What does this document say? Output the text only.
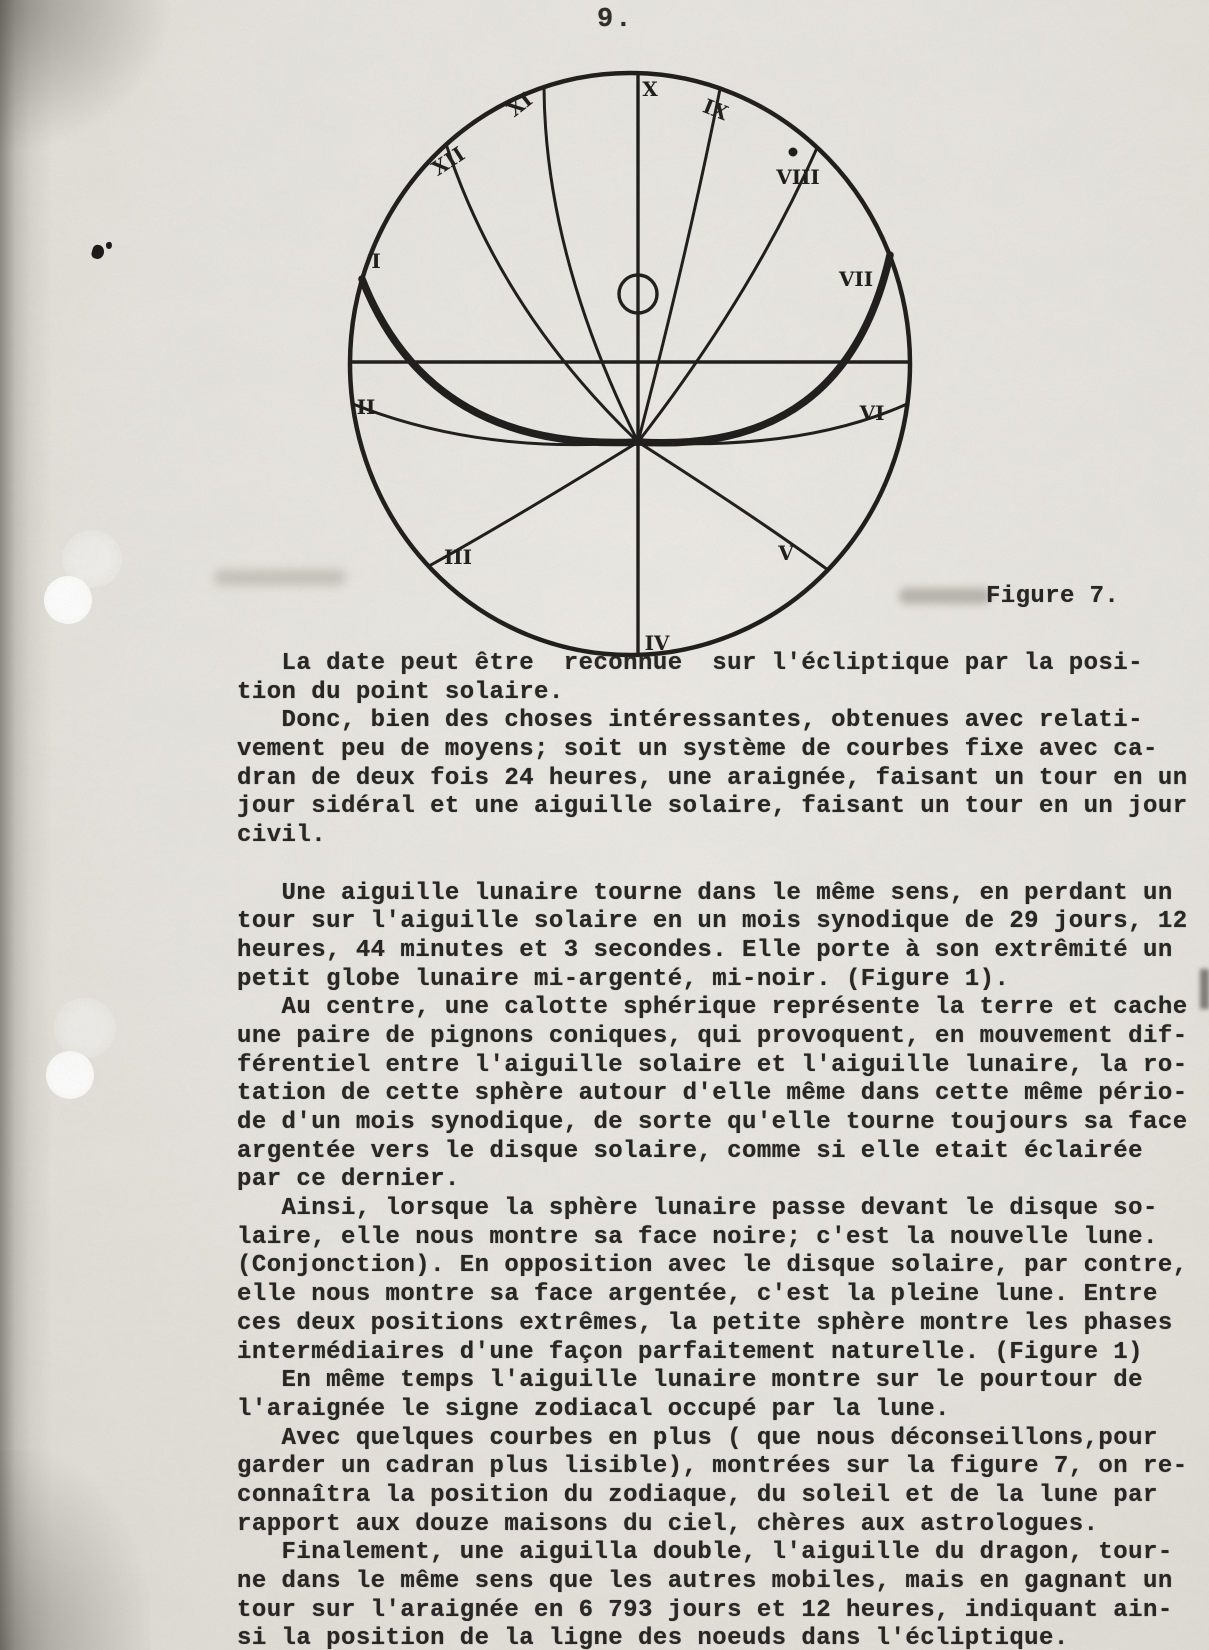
9.
X
XI
XII
I
II
III
IV
V
VI
VII
VIII
IX
Figure 7.
La date peut être  reconnue  sur l'écliptique par la posi-
tion du point solaire.
Donc, bien des choses intéressantes, obtenues avec relati-
vement peu de moyens; soit un système de courbes fixe avec ca-
dran de deux fois 24 heures, une araignée, faisant un tour en un
jour sidéral et une aiguille solaire, faisant un tour en un jour
civil.
Une aiguille lunaire tourne dans le même sens, en perdant un
tour sur l'aiguille solaire en un mois synodique de 29 jours, 12
heures, 44 minutes et 3 secondes. Elle porte à son extrêmité un
petit globe lunaire mi-argenté, mi-noir. (Figure 1).
Au centre, une calotte sphérique représente la terre et cache
une paire de pignons coniques, qui provoquent, en mouvement dif-
férentiel entre l'aiguille solaire et l'aiguille lunaire, la ro-
tation de cette sphère autour d'elle même dans cette même pério-
de d'un mois synodique, de sorte qu'elle tourne toujours sa face
argentée vers le disque solaire, comme si elle etait éclairée
par ce dernier.
Ainsi, lorsque la sphère lunaire passe devant le disque so-
laire, elle nous montre sa face noire; c'est la nouvelle lune.
(Conjonction). En opposition avec le disque solaire, par contre,
elle nous montre sa face argentée, c'est la pleine lune. Entre
ces deux positions extrêmes, la petite sphère montre les phases
intermédiaires d'une façon parfaitement naturelle. (Figure 1)
En même temps l'aiguille lunaire montre sur le pourtour de
l'araignée le signe zodiacal occupé par la lune.
Avec quelques courbes en plus ( que nous déconseillons,pour
garder un cadran plus lisible), montrées sur la figure 7, on re-
connaîtra la position du zodiaque, du soleil et de la lune par
rapport aux douze maisons du ciel, chères aux astrologues.
Finalement, une aiguilla double, l'aiguille du dragon, tour-
ne dans le même sens que les autres mobiles, mais en gagnant un
tour sur l'araignée en 6 793 jours et 12 heures, indiquant ain-
si la position de la ligne des noeuds dans l'écliptique.
